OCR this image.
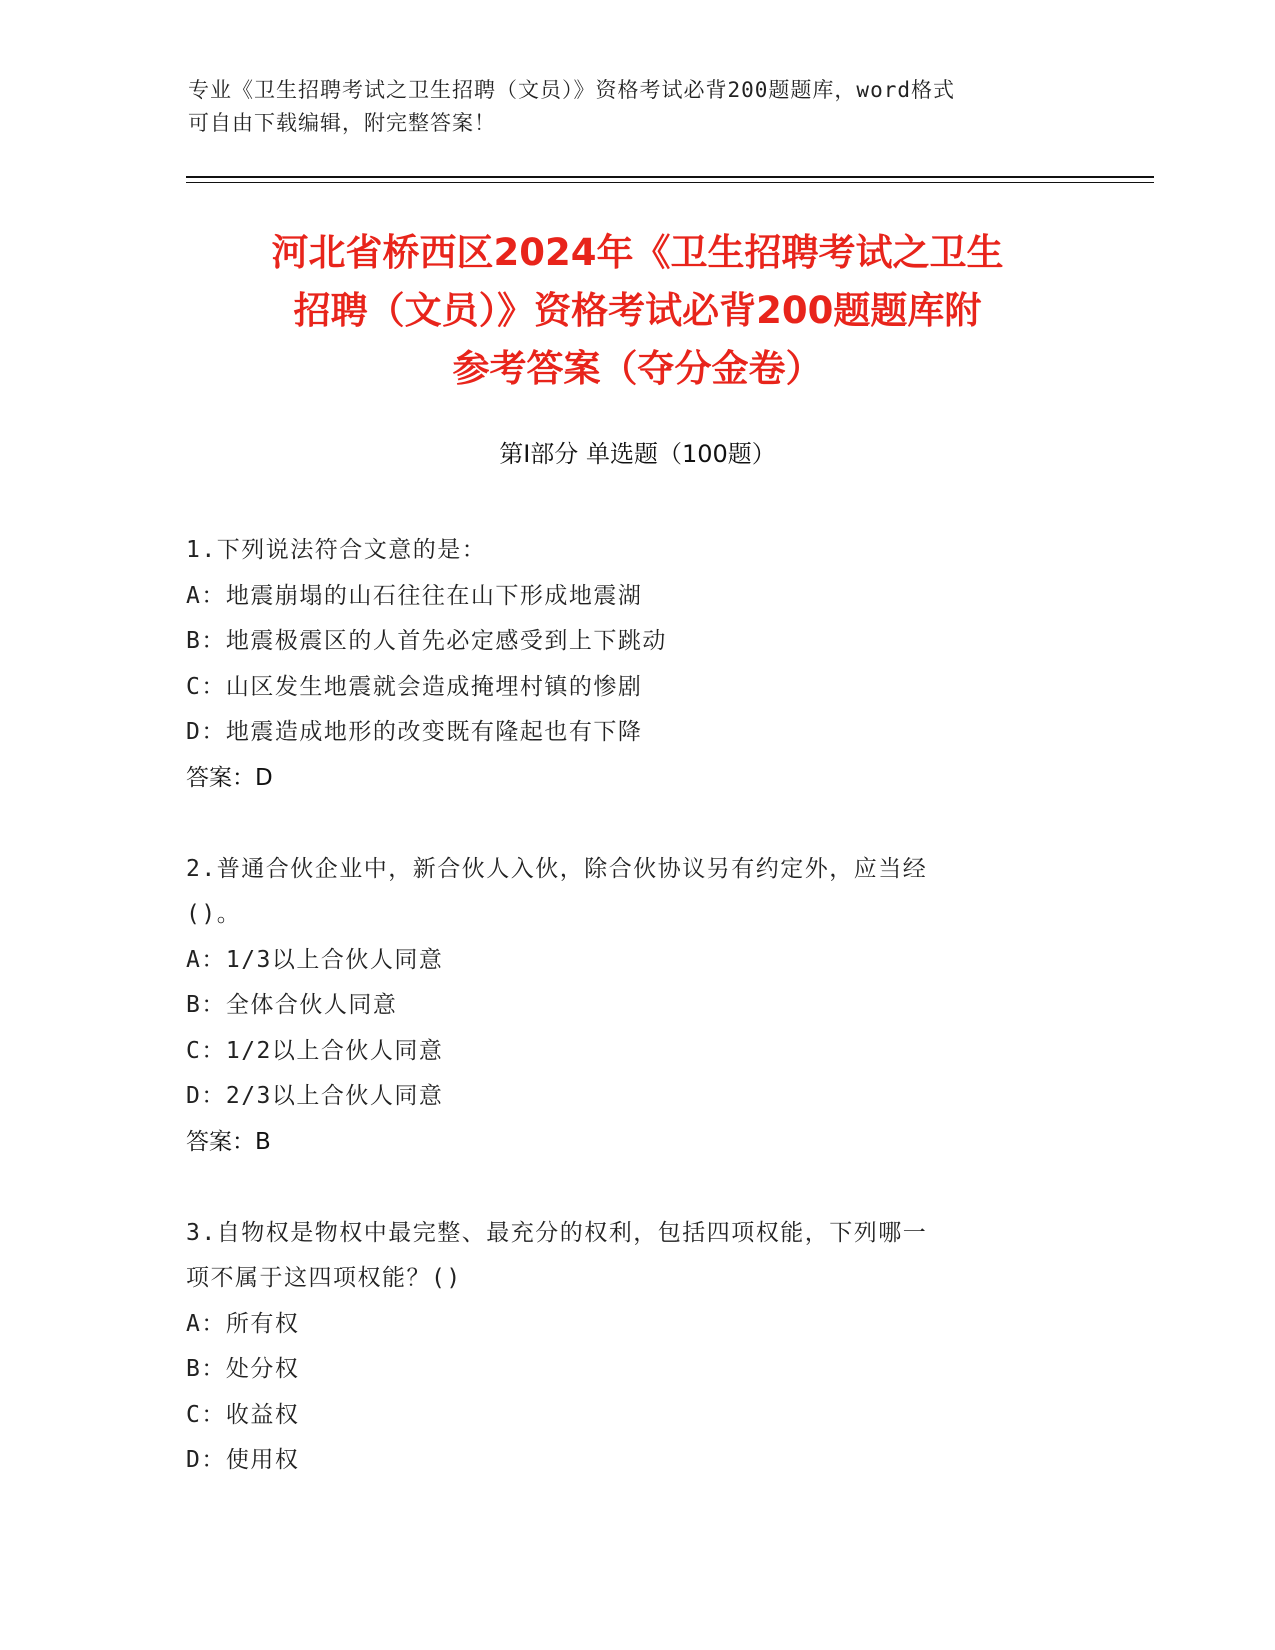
专业《卫生招聘考试之卫生招聘（文员）》资格考试必背200题题库，word格式
可自由下载编辑，附完整答案！
河北省桥西区2024年《卫生招聘考试之卫生
招聘（文员）》资格考试必背200题题库附
参考答案（夺分金卷）
第Ⅰ部分 单选题（100题）
1.下列说法符合文意的是：
A：地震崩塌的山石往往在山下形成地震湖
B：地震极震区的人首先必定感受到上下跳动
C：山区发生地震就会造成掩埋村镇的惨剧
D：地震造成地形的改变既有隆起也有下降
答案：D
2.普通合伙企业中，新合伙人入伙，除合伙协议另有约定外，应当经
()。
A：1/3以上合伙人同意
B：全体合伙人同意
C：1/2以上合伙人同意
D：2/3以上合伙人同意
答案：B
3.自物权是物权中最完整、最充分的权利，包括四项权能，下列哪一
项不属于这四项权能？()
A：所有权
B：处分权
C：收益权
D：使用权
